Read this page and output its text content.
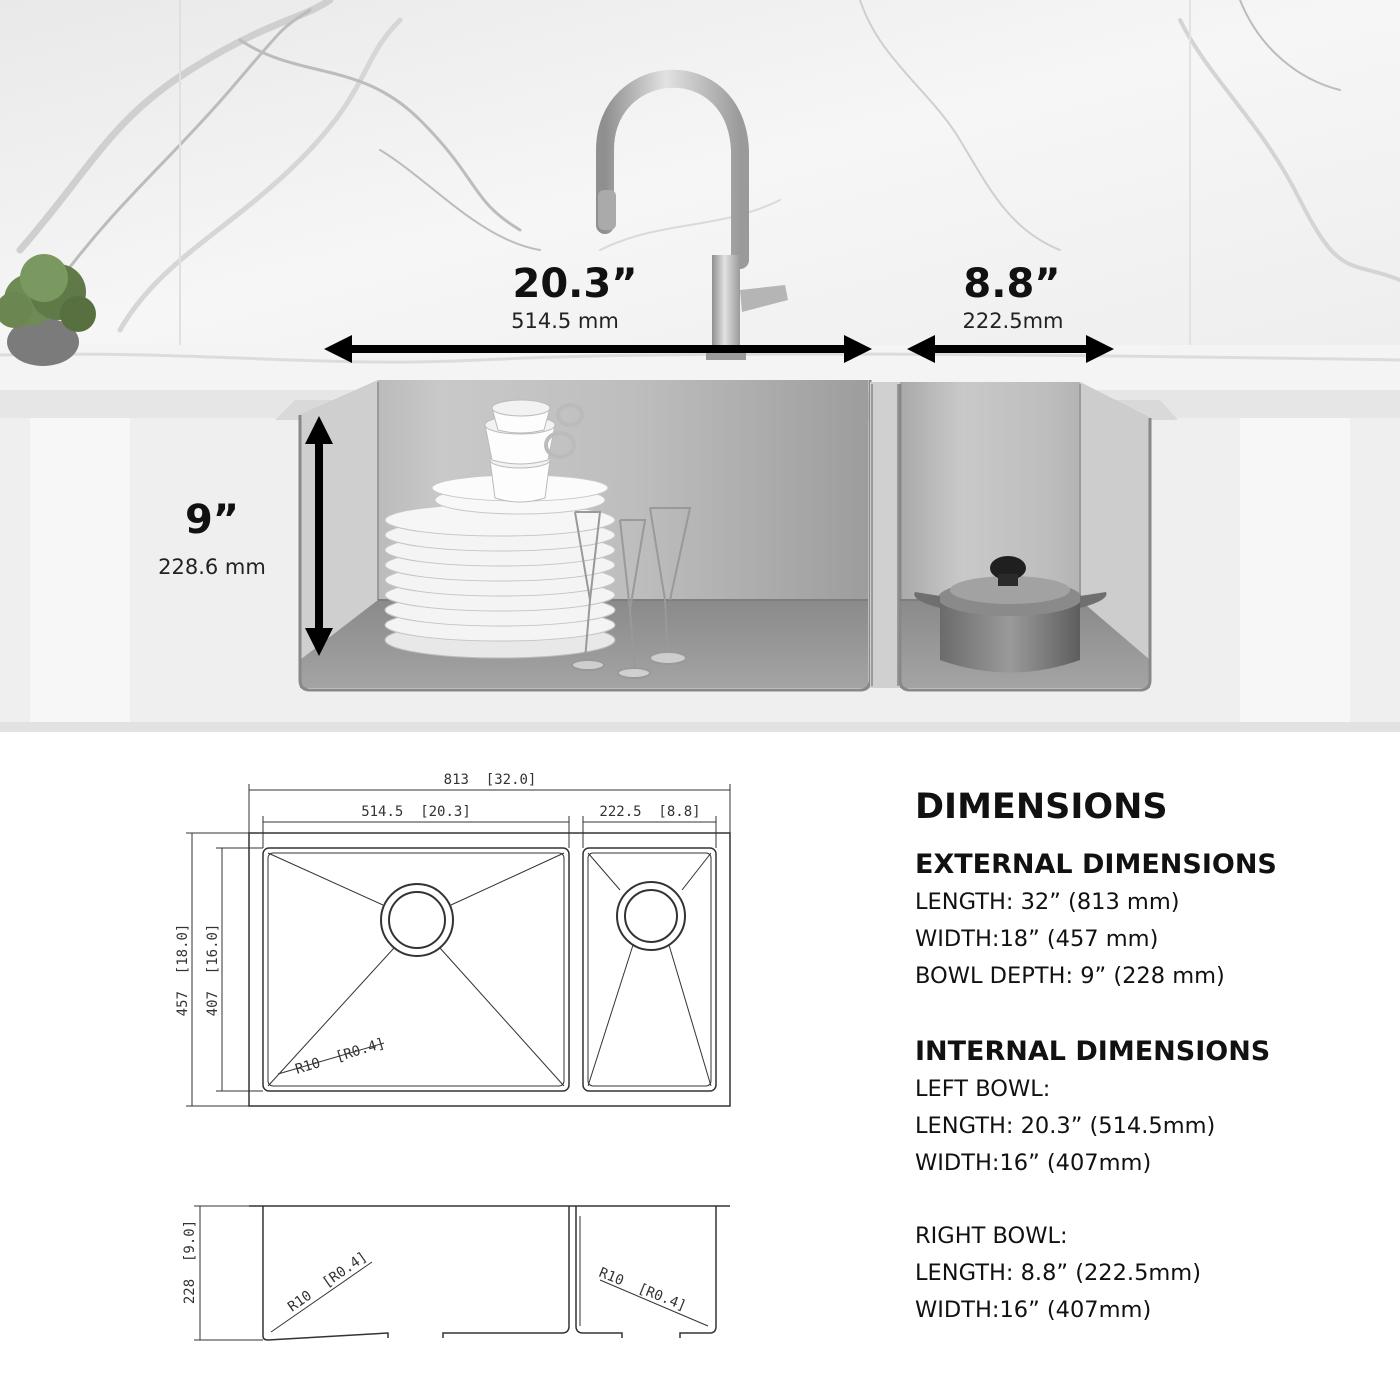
20.3”
514.5 mm
8.8”
222.5mm
9”
228.6 mm
813  [32.0]
514.5  [20.3]	222.5  [8.8]
457  [18.0] 407  [16.0]
R10  [R0.4]
228  [9.0]	R10  [R0.4]	R10  [R0.4]

DIMENSIONS

EXTERNAL DIMENSIONS

LENGTH: 32” (813 mm)

WIDTH:18” (457 mm)

BOWL DEPTH: 9” (228 mm)

INTERNAL DIMENSIONS

LEFT BOWL:

LENGTH: 20.3” (514.5mm)

WIDTH:16” (407mm)

RIGHT BOWL:

LENGTH: 8.8” (222.5mm)

WIDTH:16” (407mm)
